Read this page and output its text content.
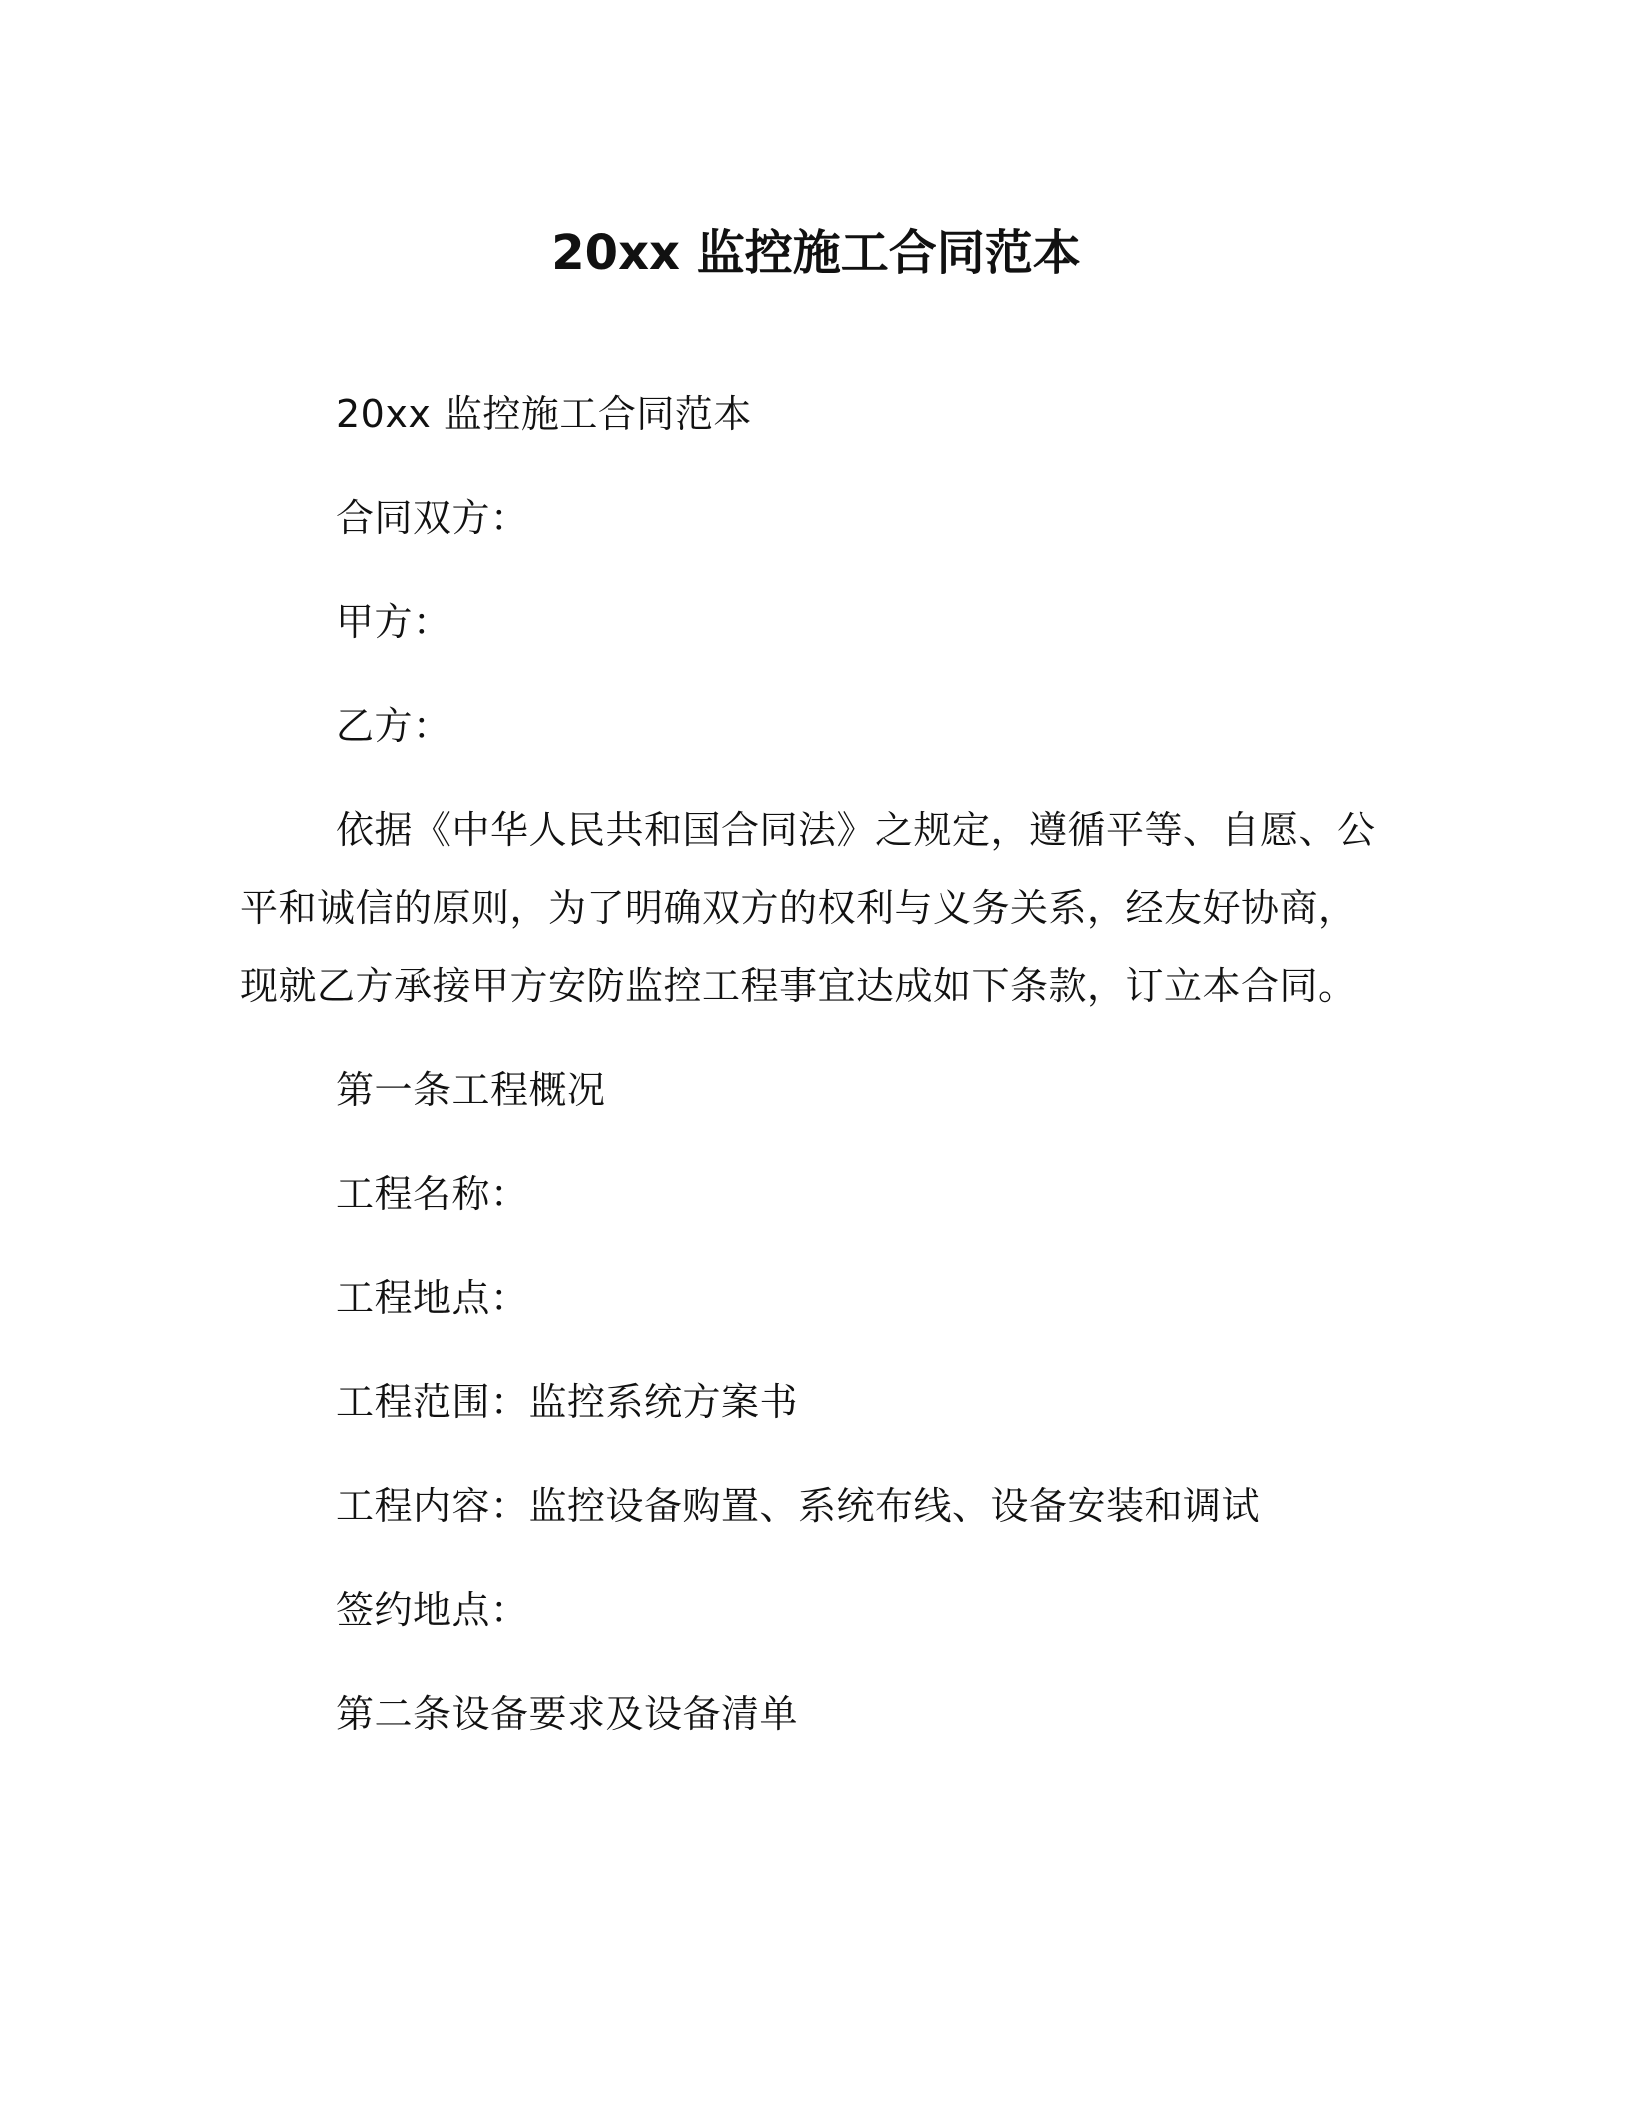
20xx 监控施工合同范本

20xx 监控施工合同范本

合同双方：

甲方：

乙方：

依据《中华人民共和国合同法》之规定，遵循平等、自愿、公平和诚信的原则，为了明确双方的权利与义务关系，经友好协商，现就乙方承接甲方安防监控工程事宜达成如下条款，订立本合同。

第一条工程概况

工程名称：

工程地点：

工程范围：监控系统方案书

工程内容：监控设备购置、系统布线、设备安装和调试

签约地点：

第二条设备要求及设备清单
